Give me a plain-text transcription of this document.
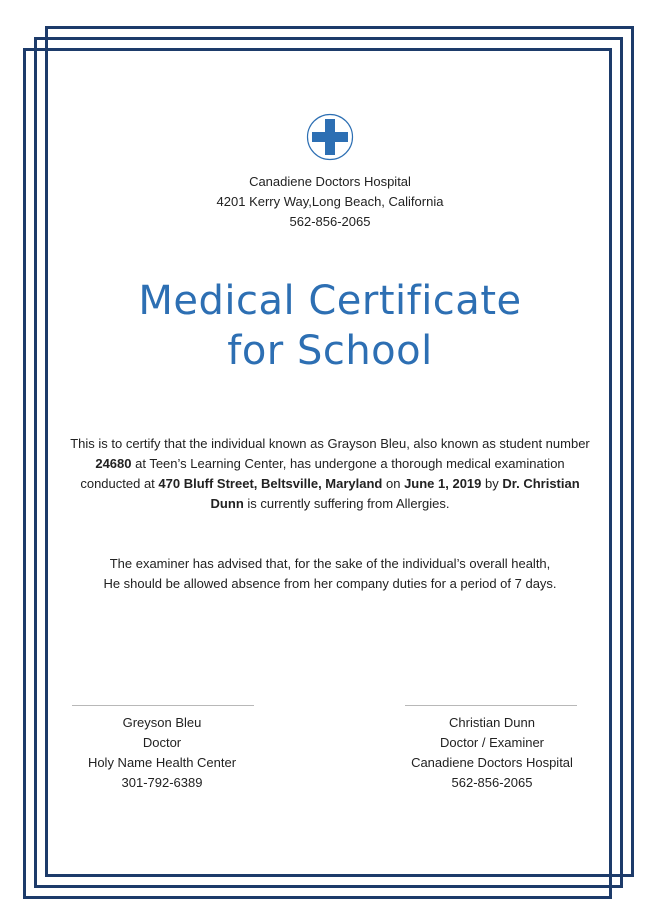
Canadiene Doctors Hospital
4201 Kerry Way,Long Beach, California
562-856-2065
Medical Certificate
for School
This is to certify that the individual known as Grayson Bleu, also known as student number 24680 at Teen’s Learning Center, has undergone a thorough medical examination conducted at 470 Bluff Street, Beltsville, Maryland on June 1, 2019 by Dr. Christian Dunn is currently suffering from Allergies.
The examiner has advised that, for the sake of the individual’s overall health,
He should be allowed absence from her company duties for a period of 7 days.
Greyson Bleu
Doctor
Holy Name Health Center
301-792-6389
Christian Dunn
Doctor / Examiner
Canadiene Doctors Hospital
562-856-2065
